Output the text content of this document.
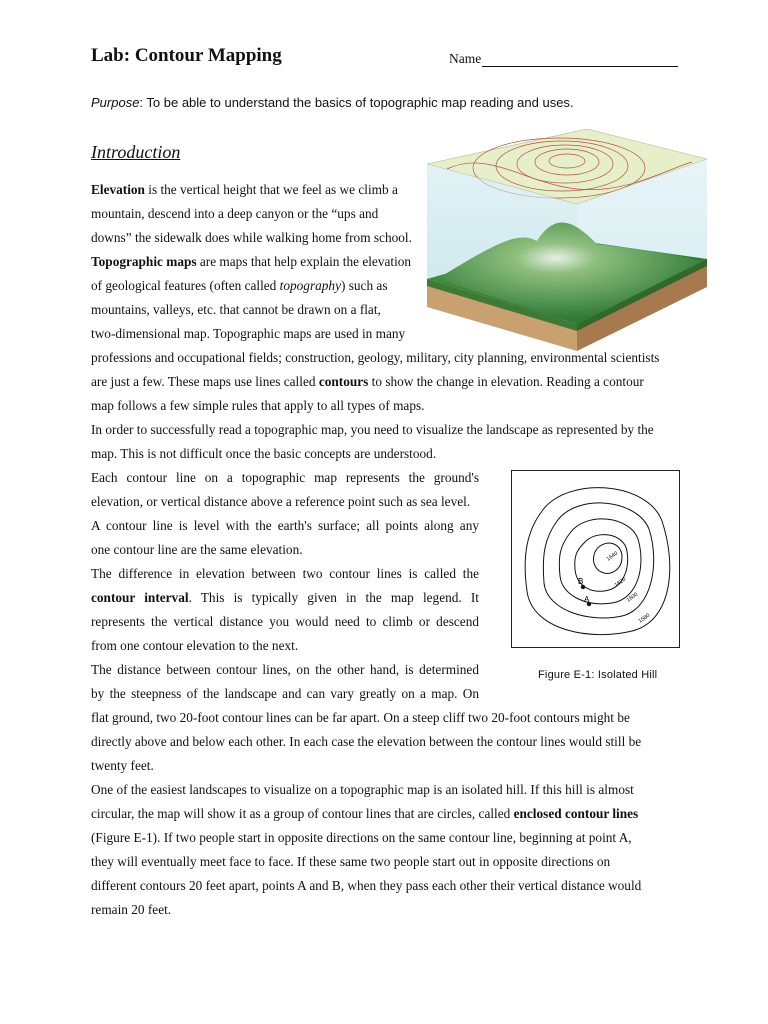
Lab: Contour Mapping	Name
Purpose: To be able to understand the basics of topographic map reading and uses.
Introduction
Elevation is the vertical height that we feel as we climb a
mountain, descend into a deep canyon or the “ups and
downs” the sidewalk does while walking home from school.
Topographic maps are maps that help explain the elevation
of geological features (often called topography) such as
mountains, valleys, etc. that cannot be drawn on a flat,
two-dimensional map. Topographic maps are used in many
professions and occupational fields; construction, geology, military, city planning, environmental scientists
are just a few. These maps use lines called contours to show the change in elevation. Reading a contour
map follows a few simple rules that apply to all types of maps.
In order to successfully read a topographic map, you need to visualize the landscape as represented by the
map. This is not difficult once the basic concepts are understood.
Each contour line on a topographic map represents the ground's
elevation, or vertical distance above a reference point such as sea level.
A contour line is level with the earth's surface; all points along any
one contour line are the same elevation.
The difference in elevation between two contour lines is called the
contour interval. This is typically given in the map legend. It
represents the vertical distance you would need to climb or descend
from one contour elevation to the next.
The distance between contour lines, on the other hand, is determined
by the steepness of the landscape and can vary greatly on a map. On
flat ground, two 20-foot contour lines can be far apart. On a steep cliff two 20-foot contours might be
directly above and below each other. In each case the elevation between the contour lines would still be
twenty feet.
One of the easiest landscapes to visualize on a topographic map is an isolated hill. If this hill is almost
circular, the map will show it as a group of contour lines that are circles, called enclosed contour lines
(Figure E-1). If two people start in opposite directions on the same contour line, beginning at point A,
they will eventually meet face to face. If these same two people start out in opposite directions on
different contours 20 feet apart, points A and B, when they pass each other their vertical distance would
remain 20 feet.
B
A
1640
1620
1600
1580
Figure E-1: Isolated Hill
